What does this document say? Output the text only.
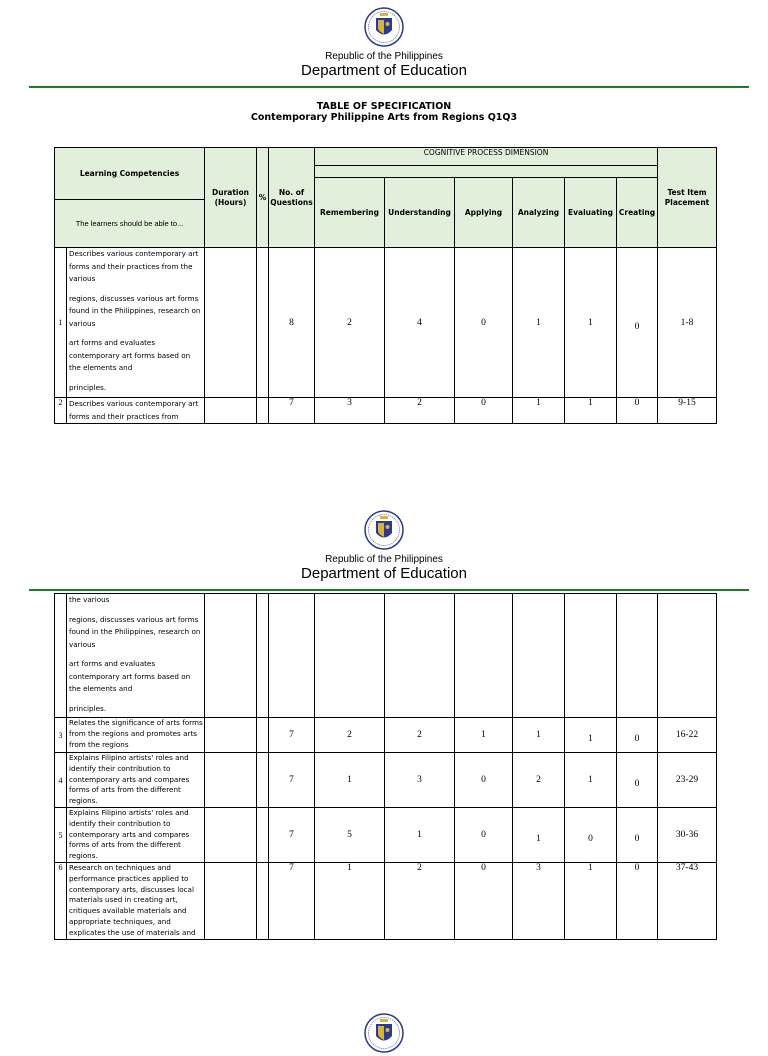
Republic of the Philippines
Department of Education
TABLE OF SPECIFICATION
Contemporary Philippine Arts from Regions Q1Q3
Learning Competencies		Duration (Hours)	%	No. of Questions	COGNITIVE PROCESS DIMENSION						Test Item Placement

					Remembering	Understanding	Applying	Analyzing	Evaluating	Creating	
The learners should be able to...											
1	Describes various contemporary art forms and their practices from the various

regions, discusses various art forms found in the Philippines, research on various

art forms and evaluates contemporary art forms based on the elements and

principles.			8	2	4	0	1	1	0	1-8
2	Describes various contemporary art forms and their practices from			7	3	2	0	1	1	0	9-15
Republic of the Philippines
Department of Education

	the various

regions, discusses various art forms found in the Philippines, research on various

art forms and evaluates contemporary art forms based on the elements and

principles.										

3	Relates the significance of arts forms from the regions and promotes arts from the regions			7	2	2	1	1	1	0	16-22
4	Explains Filipino artists' roles and identify their contribution to contemporary arts and compares forms of arts from the different regions.			7	1	3	0	2	1	0	23-29
5	Explains Filipino artists' roles and identify their contribution to contemporary arts and compares forms of arts from the different regions.			7	5	1	0	1	0	0	30-36
6	Research on techniques and performance practices applied to contemporary arts, discusses local materials used in creating art, critiques available materials and appropriate techniques, and explicates the use of materials and			7	1	2	0	3	1	0	37-43
